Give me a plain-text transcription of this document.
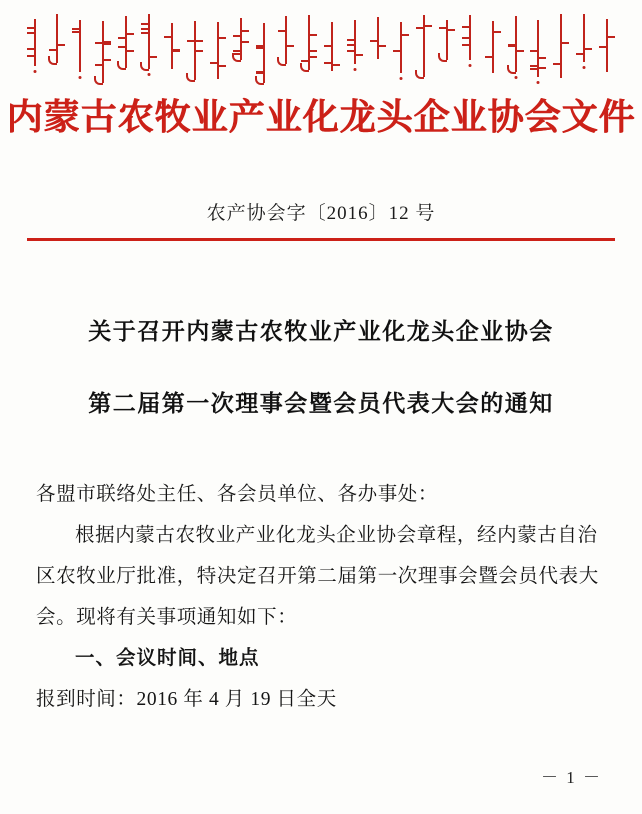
内蒙古农牧业产业化龙头企业协会文件
农产协会字〔2016〕12 号
关于召开内蒙古农牧业产业化龙头企业协会
第二届第一次理事会暨会员代表大会的通知

各盟市联络处主任、各会员单位、各办事处：

根据内蒙古农牧业产业化龙头企业协会章程，经内蒙古自治区农牧业厅批准，特决定召开第二届第一次理事会暨会员代表大会。现将有关事项通知如下：

一、会议时间、地点

报到时间：2016 年 4 月 19 日全天

－ 1 －
